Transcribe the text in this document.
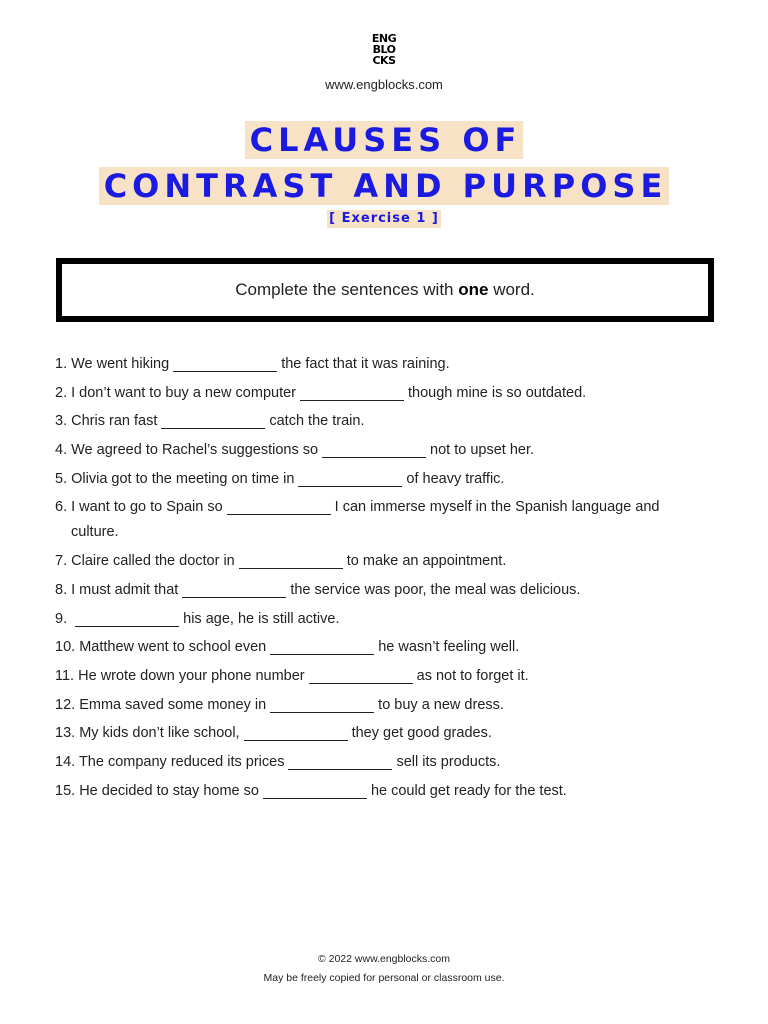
ENG
BLO
CKS
www.engblocks.com
CLAUSES OF
CONTRAST AND PURPOSE
[ Exercise 1 ]
Complete the sentences with one word.
1. We went hiking	the fact that it was raining.
2. I don’t want to buy a new computer	though mine is so outdated.
3. Chris ran fast	catch the train.
4. We agreed to Rachel’s suggestions so	not to upset her.
5. Olivia got to the meeting on time in	of heavy traffic.
6. I want to go to Spain so	I can immerse myself in the Spanish language and
culture.
7. Claire called the doctor in	to make an appointment.
8. I must admit that	the service was poor, the meal was delicious.
9.	his age, he is still active.
10. Matthew went to school even	he wasn’t feeling well.
11. He wrote down your phone number	as not to forget it.
12. Emma saved some money in	to buy a new dress.
13. My kids don’t like school,	they get good grades.
14. The company reduced its prices	sell its products.
15. He decided to stay home so	he could get ready for the test.
© 2022 www.engblocks.com
May be freely copied for personal or classroom use.
